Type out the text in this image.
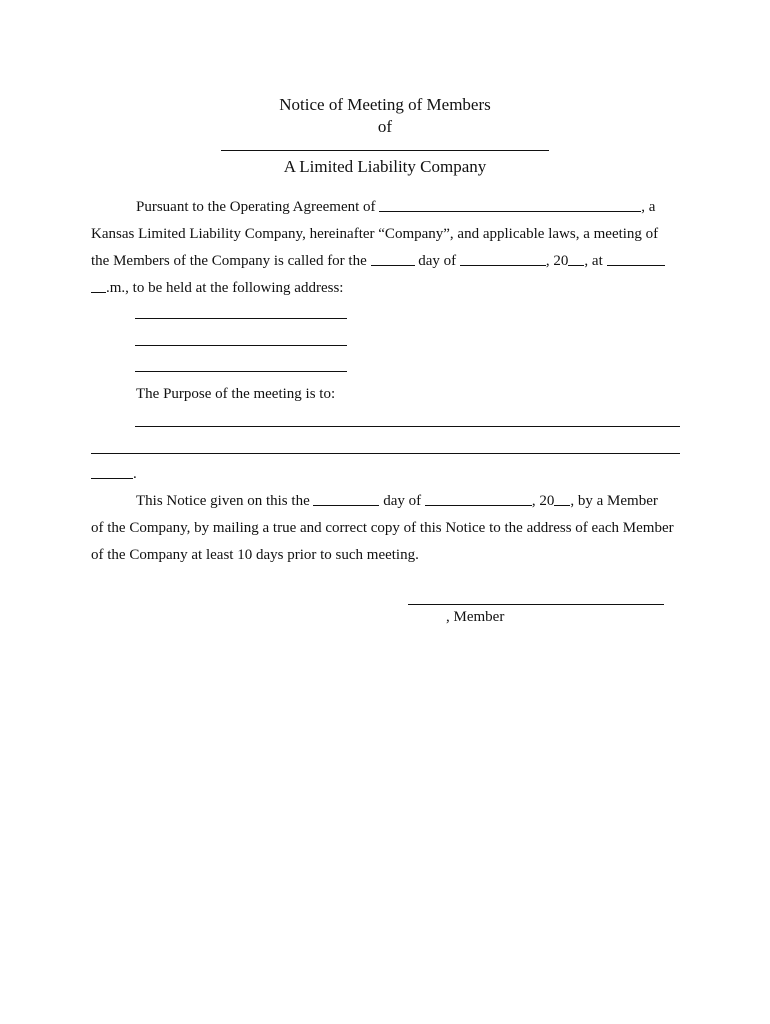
Notice of Meeting of Members
of
A Limited Liability Company
Pursuant to the Operating Agreement of	, a
Kansas Limited Liability Company, hereinafter “Company”, and applicable laws, a meeting of
the Members of the Company is called for the	day of	, 20 , at
.m., to be held at the following address:
The Purpose of the meeting is to:
.
This Notice given on this the	day of	, 20 , by a Member
of the Company, by mailing a true and correct copy of this Notice to the address of each Member
of the Company at least 10 days prior to such meeting.
, Member
